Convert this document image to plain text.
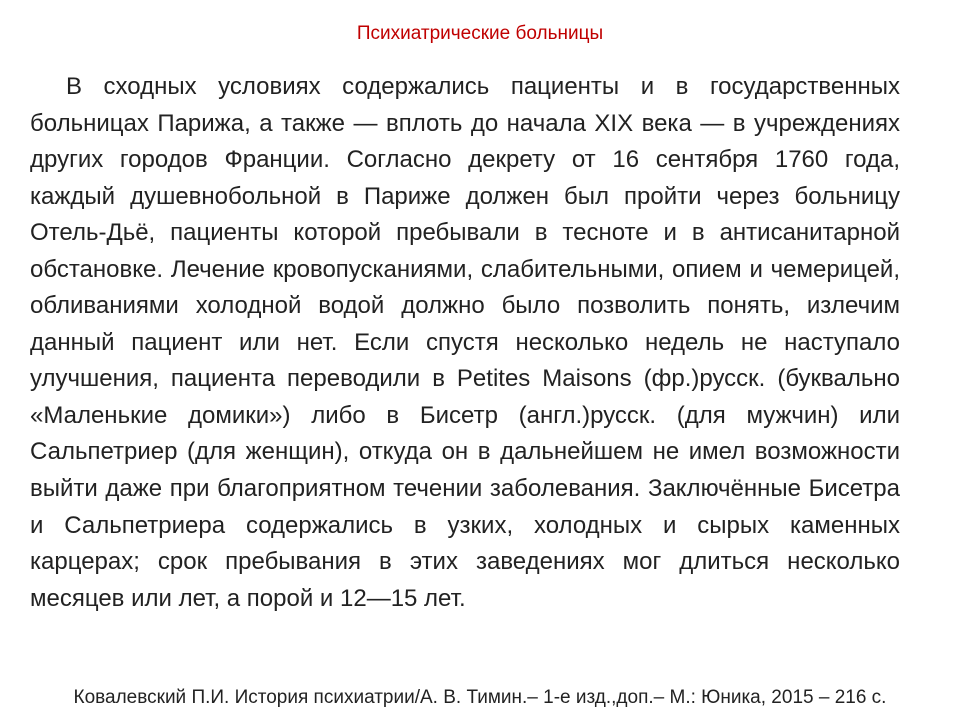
Психиатрические больницы

В сходных условиях содержались пациенты и в государственных больницах Парижа, а также — вплоть до начала XIX века — в учреждениях других городов Франции. Согласно декрету от 16 сентября 1760 года, каждый душевнобольной в Париже должен был пройти через больницу Отель-Дьё, пациенты которой пребывали в тесноте и в антисанитарной обстановке. Лечение кровопусканиями, слабительными, опием и чемерицей, обливаниями холодной водой должно было позволить понять, излечим данный пациент или нет. Если спустя несколько недель не наступало улучшения, пациента переводили в Petites Maisons (фр.)русск. (буквально «Маленькие домики») либо в Бисетр (англ.)русск. (для мужчин) или Сальпетриер (для женщин), откуда он в дальнейшем не имел возможности выйти даже при благоприятном течении заболевания. Заключённые Бисетра и Сальпетриера содержались в узких, холодных и сырых каменных карцерах; срок пребывания в этих заведениях мог длиться несколько месяцев или лет, а порой и 12—15 лет.

Ковалевский П.И. История психиатрии/А. В. Тимин.– 1-е изд.,доп.– М.: Юника, 2015 – 216 с.
